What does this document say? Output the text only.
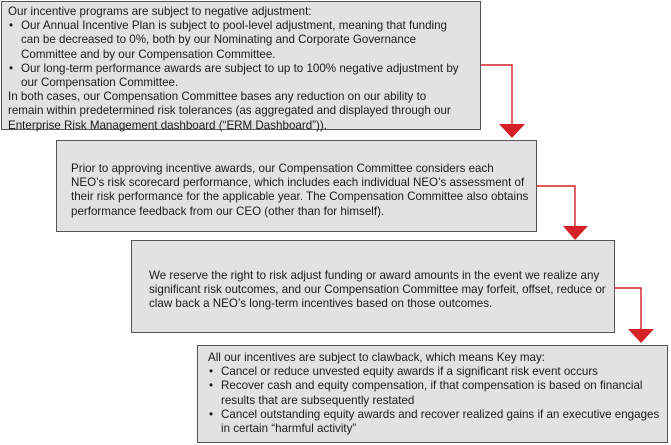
Our incentive programs are subject to negative adjustment:

• Our Annual Incentive Plan is subject to pool-level adjustment, meaning that funding can be decreased to 0%, both by our Nominating and Corporate Governance Committee and by our Compensation Committee.
• Our long-term performance awards are subject to up to 100% negative adjustment by our Compensation Committee.

In both cases, our Compensation Committee bases any reduction on our ability to remain within predetermined risk tolerances (as aggregated and displayed through our Enterprise Risk Management dashboard (“ERM Dashboard”)).

Prior to approving incentive awards, our Compensation Committee considers each NEO’s risk scorecard performance, which includes each individual NEO’s assessment of their risk performance for the applicable year. The Compensation Committee also obtains performance feedback from our CEO (other than for himself).

We reserve the right to risk adjust funding or award amounts in the event we realize any significant risk outcomes, and our Compensation Committee may forfeit, offset, reduce or claw back a NEO’s long-term incentives based on those outcomes.

All our incentives are subject to clawback, which means Key may:

• Cancel or reduce unvested equity awards if a significant risk event occurs
• Recover cash and equity compensation, if that compensation is based on financial results that are subsequently restated
• Cancel outstanding equity awards and recover realized gains if an executive engages in certain “harmful activity”
